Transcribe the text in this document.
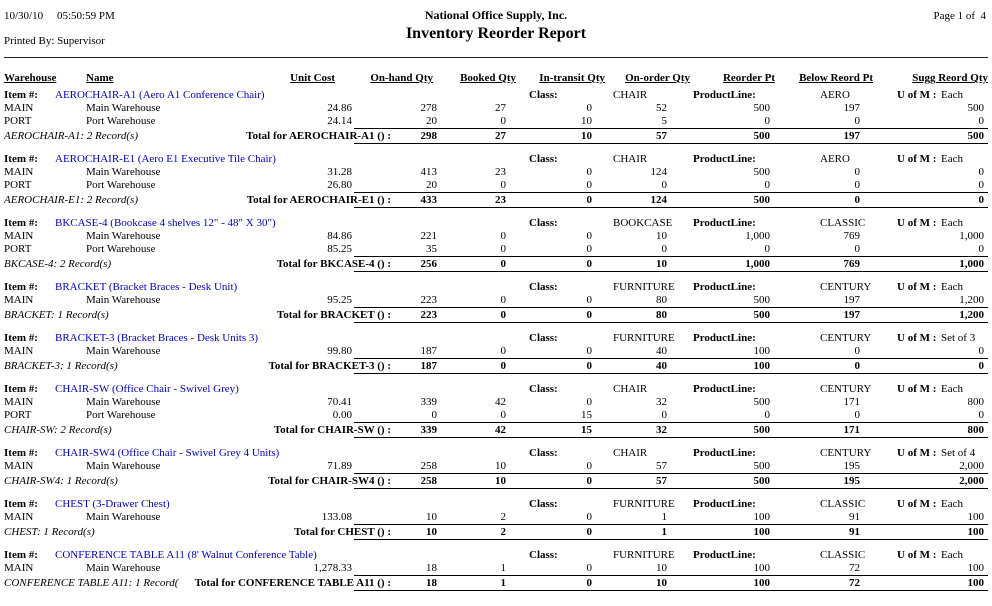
10/30/10 05:50:59 PM	National Office Supply, Inc.	Page 1 of  4
Printed By: Supervisor	Inventory Reorder Report
Warehouse	Name	Unit Cost	On-hand Qty	Booked Qty	In-transit Qty	On-order Qty	Reorder Pt	Below Reord Pt	Sugg Reord Qty
Item #: AEROCHAIR-A1 (Aero A1 Conference Chair)	Class:	CHAIR	ProductLine:	AERO	U of M : Each
MAIN	Main Warehouse	24.86	278	27	0	52	500	197	500
PORT	Port Warehouse	24.14	20	0	10	5	0	0	0
AEROCHAIR-A1: 2 Record(s)	Total for AEROCHAIR-A1 () :	298	27	10	57	500	197	500
Item #: AEROCHAIR-E1 (Aero E1 Executive Tile Chair)	Class:	CHAIR	ProductLine:	AERO	U of M : Each
MAIN	Main Warehouse	31.28	413	23	0	124	500	0	0
PORT	Port Warehouse	26.80	20	0	0	0	0	0	0
AEROCHAIR-E1: 2 Record(s)	Total for AEROCHAIR-E1 () :	433	23	0	124	500	0	0
Item #: BKCASE-4 (Bookcase 4 shelves 12" - 48" X 30")	Class:	BOOKCASE ProductLine:	CLASSIC	U of M : Each
MAIN	Main Warehouse	84.86	221	0	0	10	1,000	769	1,000
PORT	Port Warehouse	85.25	35	0	0	0	0	0	0
BKCASE-4: 2 Record(s)	Total for BKCASE-4 () :	256	0	0	10	1,000	769	1,000
Item #: BRACKET (Bracket Braces - Desk Unit)	Class:	FURNITURE ProductLine:	CENTURY U of M : Each
MAIN	Main Warehouse	95.25	223	0	0	80	500	197	1,200
BRACKET: 1 Record(s)	Total for BRACKET () :	223	0	0	80	500	197	1,200
Item #: BRACKET-3 (Bracket Braces - Desk Units 3)	Class:	FURNITURE ProductLine:	CENTURY U of M : Set of 3
MAIN	Main Warehouse	99.80	187	0	0	40	100	0	0
BRACKET-3: 1 Record(s)	Total for BRACKET-3 () :	187	0	0	40	100	0	0
Item #: CHAIR-SW (Office Chair - Swivel Grey)	Class:	CHAIR	ProductLine:	CENTURY U of M : Each
MAIN	Main Warehouse	70.41	339	42	0	32	500	171	800
PORT	Port Warehouse	0.00	0	0	15	0	0	0	0
CHAIR-SW: 2 Record(s)	Total for CHAIR-SW () :	339	42	15	32	500	171	800
Item #: CHAIR-SW4 (Office Chair - Swivel Grey 4 Units)	Class:	CHAIR	ProductLine:	CENTURY U of M : Set of 4
MAIN	Main Warehouse	71.89	258	10	0	57	500	195	2,000
CHAIR-SW4: 1 Record(s)	Total for CHAIR-SW4 () :	258	10	0	57	500	195	2,000
Item #: CHEST (3-Drawer Chest)	Class:	FURNITURE ProductLine:	CLASSIC	U of M : Each
MAIN	Main Warehouse	133.08	10	2	0	1	100	91	100
CHEST: 1 Record(s)	Total for CHEST () :	10	2	0	1	100	91	100
Item #: CONFERENCE TABLE A11 (8' Walnut Conference Table)	Class:	FURNITURE ProductLine:	CLASSIC	U of M : Each
MAIN	Main Warehouse	1,278.33	18	1	0	10	100	72	100
CONFERENCE TABLE A11: 1 Record(	Total for CONFERENCE TABLE A11 () :	18	1	0	10	100	72	100
